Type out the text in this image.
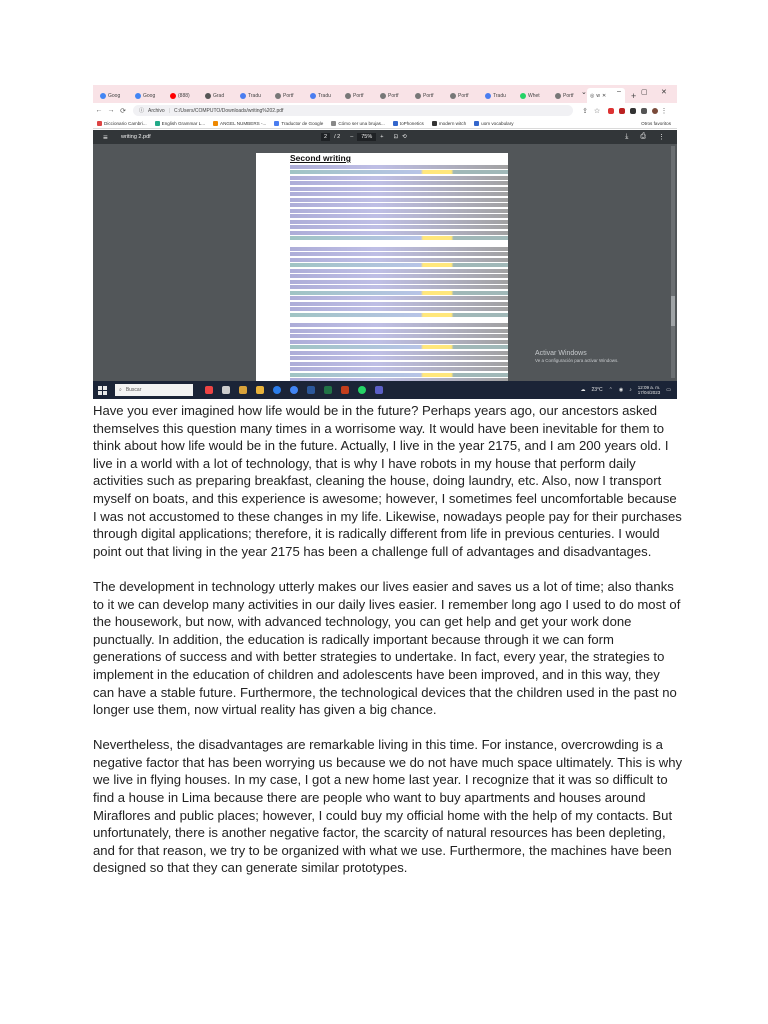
Goog	Goog	(888)	Grad	Tradu	Portf	Tradu	Portf	Portf	Portf	Portf	Tradu	Whet	Portf	◎ w ✕	+
⌄	–	▢ ✕
← → ⟳	ⓘ Archivo | C:/Users/COMPUTO/Downloads/writing%202.pdf	⇪ ☆	⋮
Diccionario Cambri...	English Grammar L...	ANGEL NUMBERS -...	Traductor de Google	Cómo ser una brujas...	toPhonetics	modern witch	uom vocabulary	Otros favoritos
≡ writing 2.pdf	2	/ 2 –	75%	+ ⊡ ⟲	⤓ ⎙ ⋮
Second writing
Activar Windows
Ve a Configuración para activar Windows.
⌕ Buscar	☁ 23°C ⌃ ◉ ♪ 12:09 a. m.
17/04/2023 ▭

Have you ever imagined how life would be in the future? Perhaps years ago, our ancestors asked themselves this question many times in a worrisome way. It would have been inevitable for them to think about how life would be in the future. Actually, I live in the year 2175, and I am 200 years old. I live in a world with a lot of technology, that is why I have robots in my house that perform daily activities such as preparing breakfast, cleaning the house, doing laundry, etc. Also, now I transport myself on boats, and this experience is awesome; however, I sometimes feel uncomfortable because I was not accustomed to these changes in my life. Likewise, nowadays people pay for their purchases through digital applications; therefore, it is radically different from life in previous centuries. I would point out that living in the year 2175 has been a challenge full of advantages and disadvantages.

The development in technology utterly makes our lives easier and saves us a lot of time; also thanks to it we can develop many activities in our daily lives easier. I remember long ago I used to do most of the housework, but now, with advanced technology, you can get help and get your work done punctually. In addition, the education is radically important because through it we can form generations of success and with better strategies to undertake. In fact, every year, the strategies to implement in the education of children and adolescents have been improved, and in this way, they can have a stable future. Furthermore, the technological devices that the children used in the past no longer use them, now virtual reality has given a big chance.

Nevertheless, the disadvantages are remarkable living in this time. For instance, overcrowding is a negative factor that has been worrying us because we do not have much space ultimately. This is why we live in flying houses. In my case, I got a new home last year. I recognize that it was so difficult to find a house in Lima because there are people who want to buy apartments and houses around Miraflores and public places; however, I could buy my official home with the help of my contacts. But unfortunately, there is another negative factor, the scarcity of natural resources has been depleting, and for that reason, we try to be organized with what we use. Furthermore, the machines have been designed so that they can generate similar prototypes.
